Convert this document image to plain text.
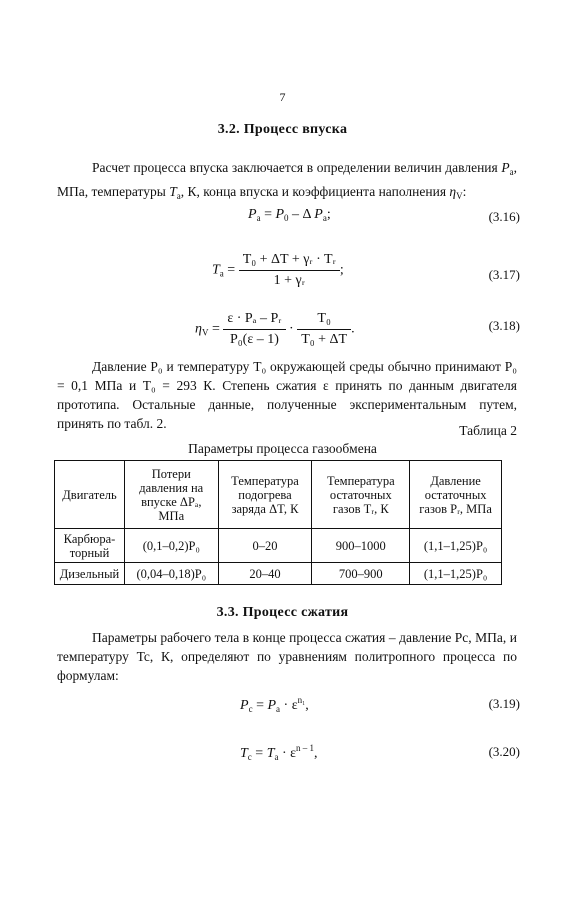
7
3.2. Процесс впуска
Расчет процесса впуска заключается в определении величин давления $P_a$, МПа, температуры $T_a$, К, конца впуска и коэффициента наполнения $\eta_V$:
$P_a = P_0 - \Delta$ $P_a$;	(3.16)
$T_a = \frac{\text{T₀ + ΔT + γᵣ · Tᵣ}}{\text{1 + γᵣ}}$ ;	(3.17)
$\eta_V = \frac{\text{ε · Pₐ – Pᵣ}}{\text{P₀(ε – 1)}} \cdot \frac{\text{T₀}}{\text{T₀ + ΔT}}$ .	(3.18)
Давление P₀ и температуру T₀ окружающей среды обычно принимают P₀ = 0,1 МПа и T₀ = 293 К. Степень сжатия ε принять по данным двигателя прототипа. Остальные данные, полученные экспериментальным путем, принять по табл. 2.	Таблица 2
Параметры процесса газообмена
Двигатель	Потери давления на впуске ΔPₐ, МПа	Температура подогрева заряда ΔT, К	Температура остаточных газов Tᵣ, К	Давление остаточных газов Pᵣ, МПа
Карбюра-торный	(0,1–0,2)P₀	0–20	900–1000	(1,1–1,25)P₀
Дизельный	(0,04–0,18)P₀	20–40	700–900	(1,1–1,25)P₀
3.3. Процесс сжатия
Параметры рабочего тела в конце процесса сжатия – давление Pc, МПа, и температуру Tc, К, определяют по уравнениям политропного процесса по формулам:
$P_c = P_a \cdot \varepsilon^{n_1}$,	(3.19)
$T_c = T_a \cdot \varepsilon^{n - 1}$,	(3.20)
